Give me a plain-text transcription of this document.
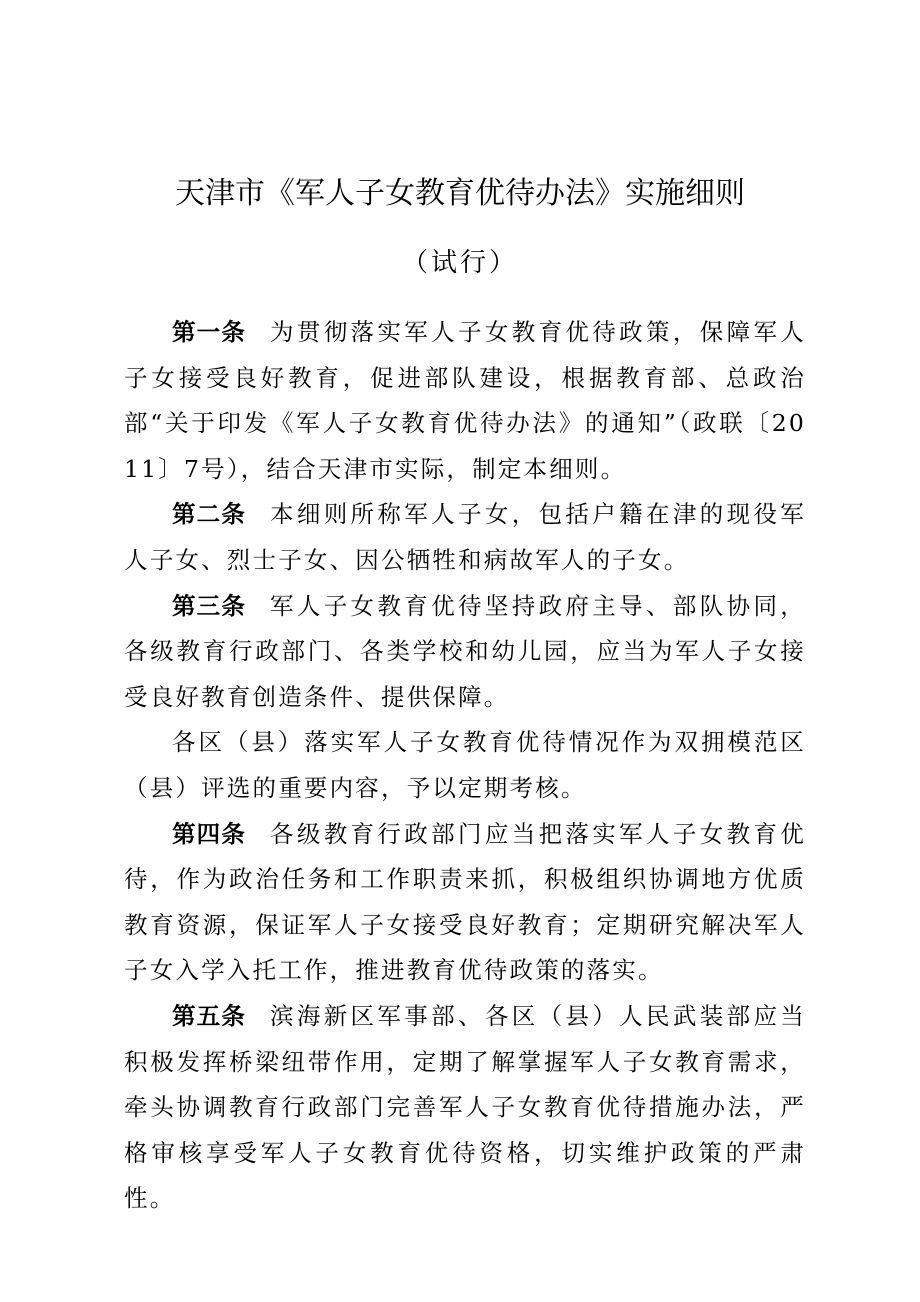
天津市《军人子女教育优待办法》实施细则
（试行）

第一条 为贯彻落实军人子女教育优待政策，保障军人子女接受良好教育，促进部队建设，根据教育部、总政治部“关于印发《军人子女教育优待办法》的通知”（政联〔2011〕7号），结合天津市实际，制定本细则。

第二条 本细则所称军人子女，包括户籍在津的现役军人子女、烈士子女、因公牺牲和病故军人的子女。

第三条 军人子女教育优待坚持政府主导、部队协同，各级教育行政部门、各类学校和幼儿园，应当为军人子女接受良好教育创造条件、提供保障。

各区（县）落实军人子女教育优待情况作为双拥模范区（县）评选的重要内容，予以定期考核。

第四条 各级教育行政部门应当把落实军人子女教育优待，作为政治任务和工作职责来抓，积极组织协调地方优质教育资源，保证军人子女接受良好教育；定期研究解决军人子女入学入托工作，推进教育优待政策的落实。

第五条 滨海新区军事部、各区（县）人民武装部应当积极发挥桥梁纽带作用，定期了解掌握军人子女教育需求，牵头协调教育行政部门完善军人子女教育优待措施办法，严格审核享受军人子女教育优待资格，切实维护政策的严肃性。
